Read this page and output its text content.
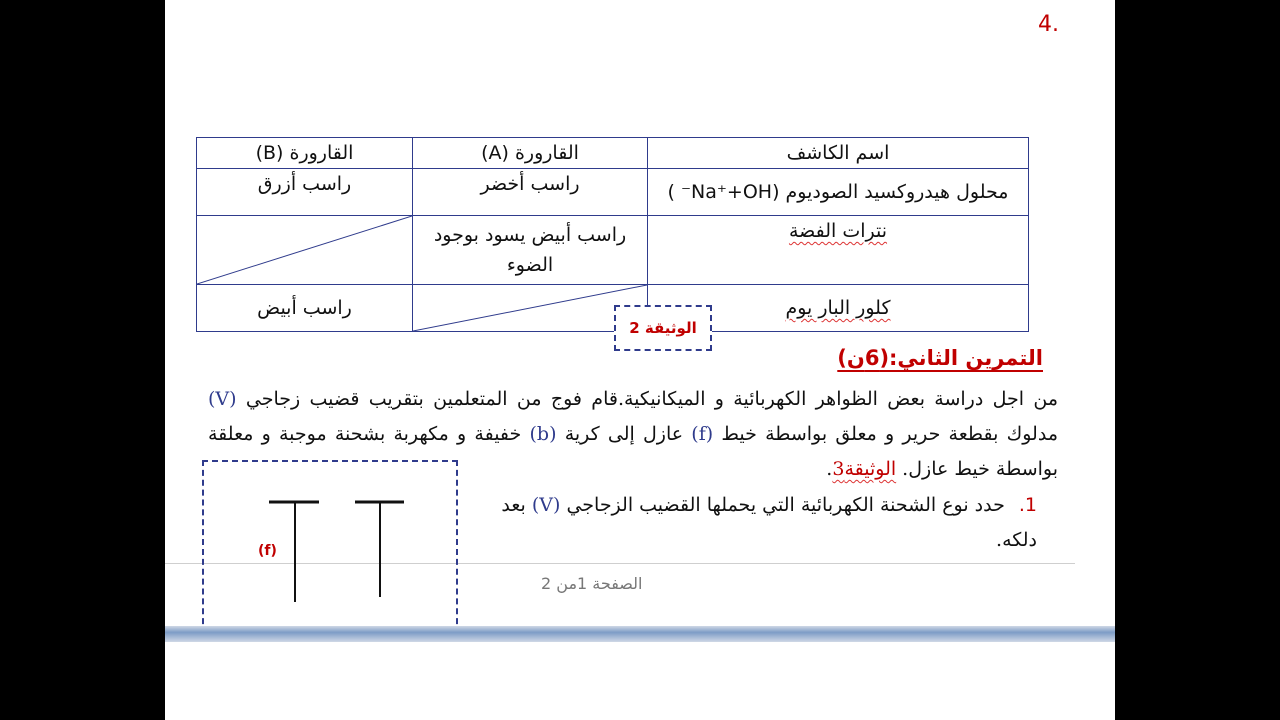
4.
اسم الكاشف	القارورة (A)	القارورة (B)
محلول هيدروكسيد الصوديوم (Na⁺+OH⁻ )	راسب أخضر	راسب أزرق
نترات الفضة	راسب أبيض يسود بوجود الضوء	

كلور البار يوم		راسب أبيض
الوثيقة 2
التمرين الثاني:(6ن)
من اجل دراسة بعض الظواهر الكهربائية و الميكانيكية.قام فوج من المتعلمين بتقريب قضيب زجاجي (V) مدلوك بقطعة حرير و معلق بواسطة خيط (f) عازل إلى كرية (b) خفيفة و مكهربة بشحنة موجبة و معلقة بواسطة خيط عازل. الوثيقة3.
1.حدد نوع الشحنة الكهربائية التي يحملها القضيب الزجاجي (V) بعد دلكه.
الصفحة 1من 2
(f)
